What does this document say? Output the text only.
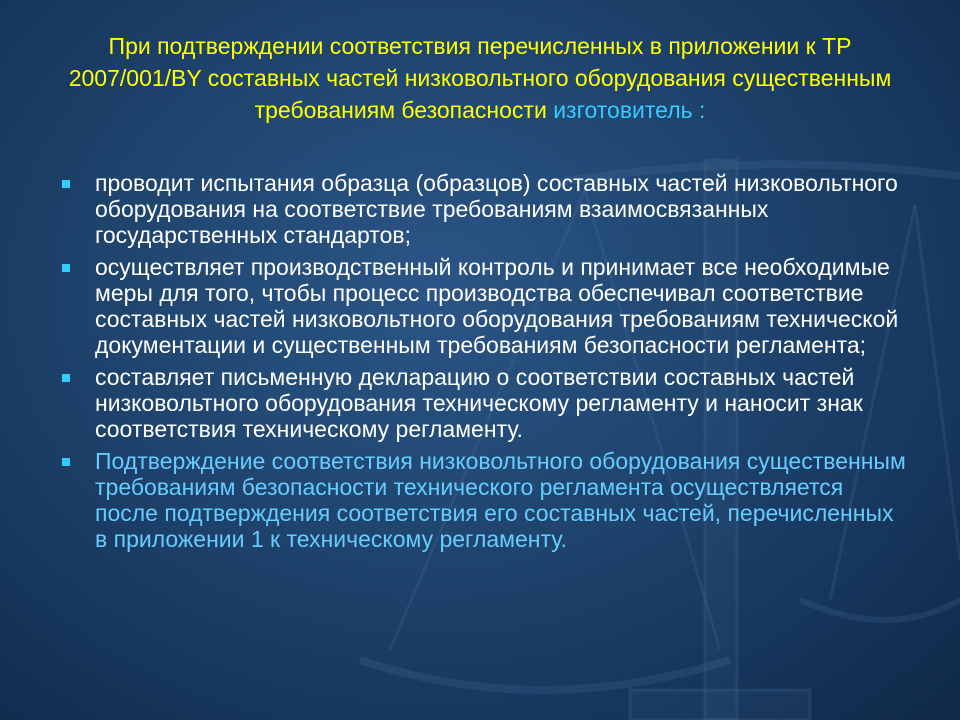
При подтверждении соответствия перечисленных в приложении к ТР 2007/001/BY составных частей низковольтного оборудования существенным требованиям безопасности изготовитель :
проводит испытания образца (образцов) составных частей низковольтного оборудования на соответствие требованиям взаимосвязанных государственных стандартов;
осуществляет производственный контроль и принимает все необходимые меры для того, чтобы процесс производства обеспечивал соответствие составных частей низковольтного оборудования требованиям технической документации и существенным требованиям безопасности регламента;
составляет письменную декларацию о соответствии составных частей низковольтного оборудования техническому регламенту и наносит знак соответствия техническому регламенту.
Подтверждение соответствия низковольтного оборудования существенным требованиям безопасности технического регламента осуществляется после подтверждения соответствия его составных частей, перечисленных в приложении 1 к техническому регламенту.
